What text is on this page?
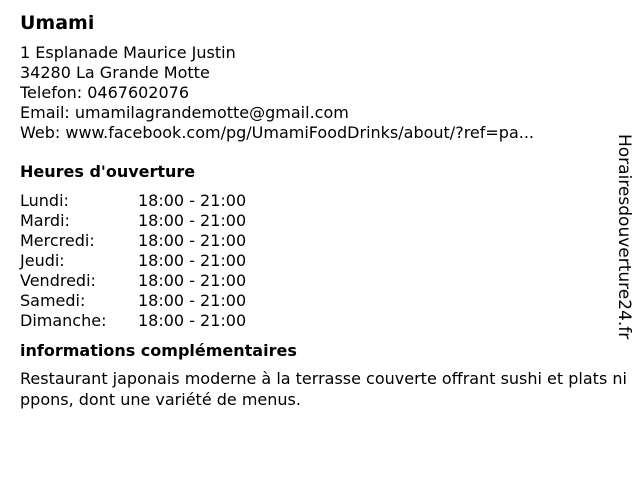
Umami
1 Esplanade Maurice Justin
34280 La Grande Motte
Telefon: 0467602076
Email: umamilagrandemotte@gmail.com
Web: www.facebook.com/pg/UmamiFoodDrinks/about/?ref=pa...
Heures d'ouverture
Lundi:	18:00 - 21:00
Mardi:	18:00 - 21:00
Mercredi:	18:00 - 21:00
Jeudi:	18:00 - 21:00
Vendredi:	18:00 - 21:00
Samedi:	18:00 - 21:00
Dimanche:	18:00 - 21:00
informations complémentaires
Restaurant japonais moderne à la terrasse couverte offrant sushi et plats nippons, dont une variété de menus.
Horairesdouverture24.fr
